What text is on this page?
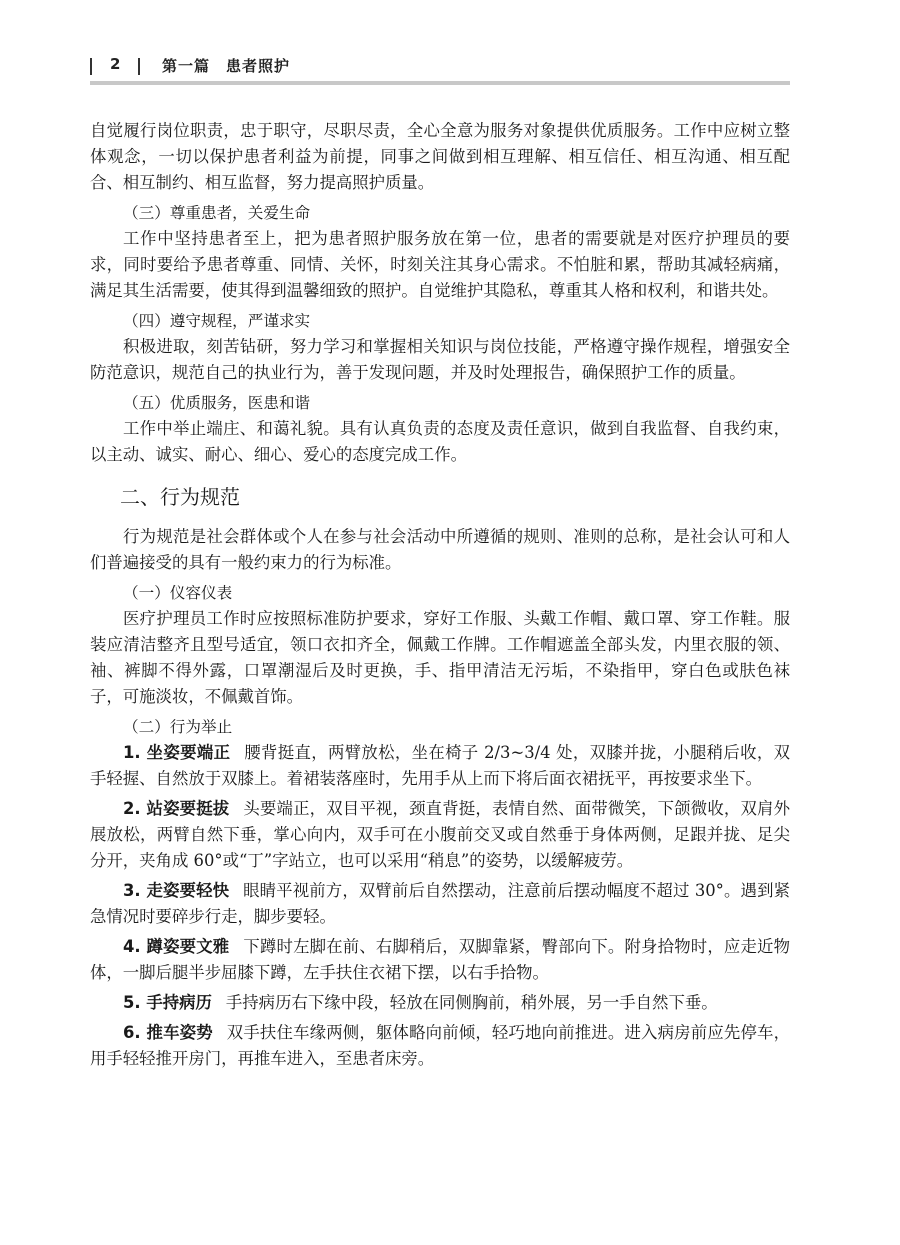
2	第一篇　患者照护

自觉履行岗位职责，忠于职守，尽职尽责，全心全意为服务对象提供优质服务。工作中应树立整体观念，一切以保护患者利益为前提，同事之间做到相互理解、相互信任、相互沟通、相互配合、相互制约、相互监督，努力提高照护质量。

（三）尊重患者，关爱生命

工作中坚持患者至上，把为患者照护服务放在第一位，患者的需要就是对医疗护理员的要求，同时要给予患者尊重、同情、关怀，时刻关注其身心需求。不怕脏和累，帮助其减轻病痛，满足其生活需要，使其得到温馨细致的照护。自觉维护其隐私，尊重其人格和权利，和谐共处。

（四）遵守规程，严谨求实

积极进取，刻苦钻研，努力学习和掌握相关知识与岗位技能，严格遵守操作规程，增强安全防范意识，规范自己的执业行为，善于发现问题，并及时处理报告，确保照护工作的质量。

（五）优质服务，医患和谐

工作中举止端庄、和蔼礼貌。具有认真负责的态度及责任意识，做到自我监督、自我约束，以主动、诚实、耐心、细心、爱心的态度完成工作。

二、行为规范

行为规范是社会群体或个人在参与社会活动中所遵循的规则、准则的总称，是社会认可和人们普遍接受的具有一般约束力的行为标准。

（一）仪容仪表

医疗护理员工作时应按照标准防护要求，穿好工作服、头戴工作帽、戴口罩、穿工作鞋。服装应清洁整齐且型号适宜，领口衣扣齐全，佩戴工作牌。工作帽遮盖全部头发，内里衣服的领、袖、裤脚不得外露，口罩潮湿后及时更换，手、指甲清洁无污垢，不染指甲，穿白色或肤色袜子，可施淡妆，不佩戴首饰。

（二）行为举止

1. 坐姿要端正 腰背挺直，两臂放松，坐在椅子 2/3~3/4 处，双膝并拢，小腿稍后收，双手轻握、自然放于双膝上。着裙装落座时，先用手从上而下将后面衣裙抚平，再按要求坐下。

2. 站姿要挺拔 头要端正，双目平视，颈直背挺，表情自然、面带微笑，下颌微收，双肩外展放松，两臂自然下垂，掌心向内，双手可在小腹前交叉或自然垂于身体两侧，足跟并拢、足尖分开，夹角成 60°或“丁”字站立，也可以采用“稍息”的姿势，以缓解疲劳。

3. 走姿要轻快 眼睛平视前方，双臂前后自然摆动，注意前后摆动幅度不超过 30°。遇到紧急情况时要碎步行走，脚步要轻。

4. 蹲姿要文雅 下蹲时左脚在前、右脚稍后，双脚靠紧，臀部向下。附身拾物时，应走近物体，一脚后腿半步屈膝下蹲，左手扶住衣裙下摆，以右手拾物。

5. 手持病历 手持病历右下缘中段，轻放在同侧胸前，稍外展，另一手自然下垂。

6. 推车姿势 双手扶住车缘两侧，躯体略向前倾，轻巧地向前推进。进入病房前应先停车，用手轻轻推开房门，再推车进入，至患者床旁。
